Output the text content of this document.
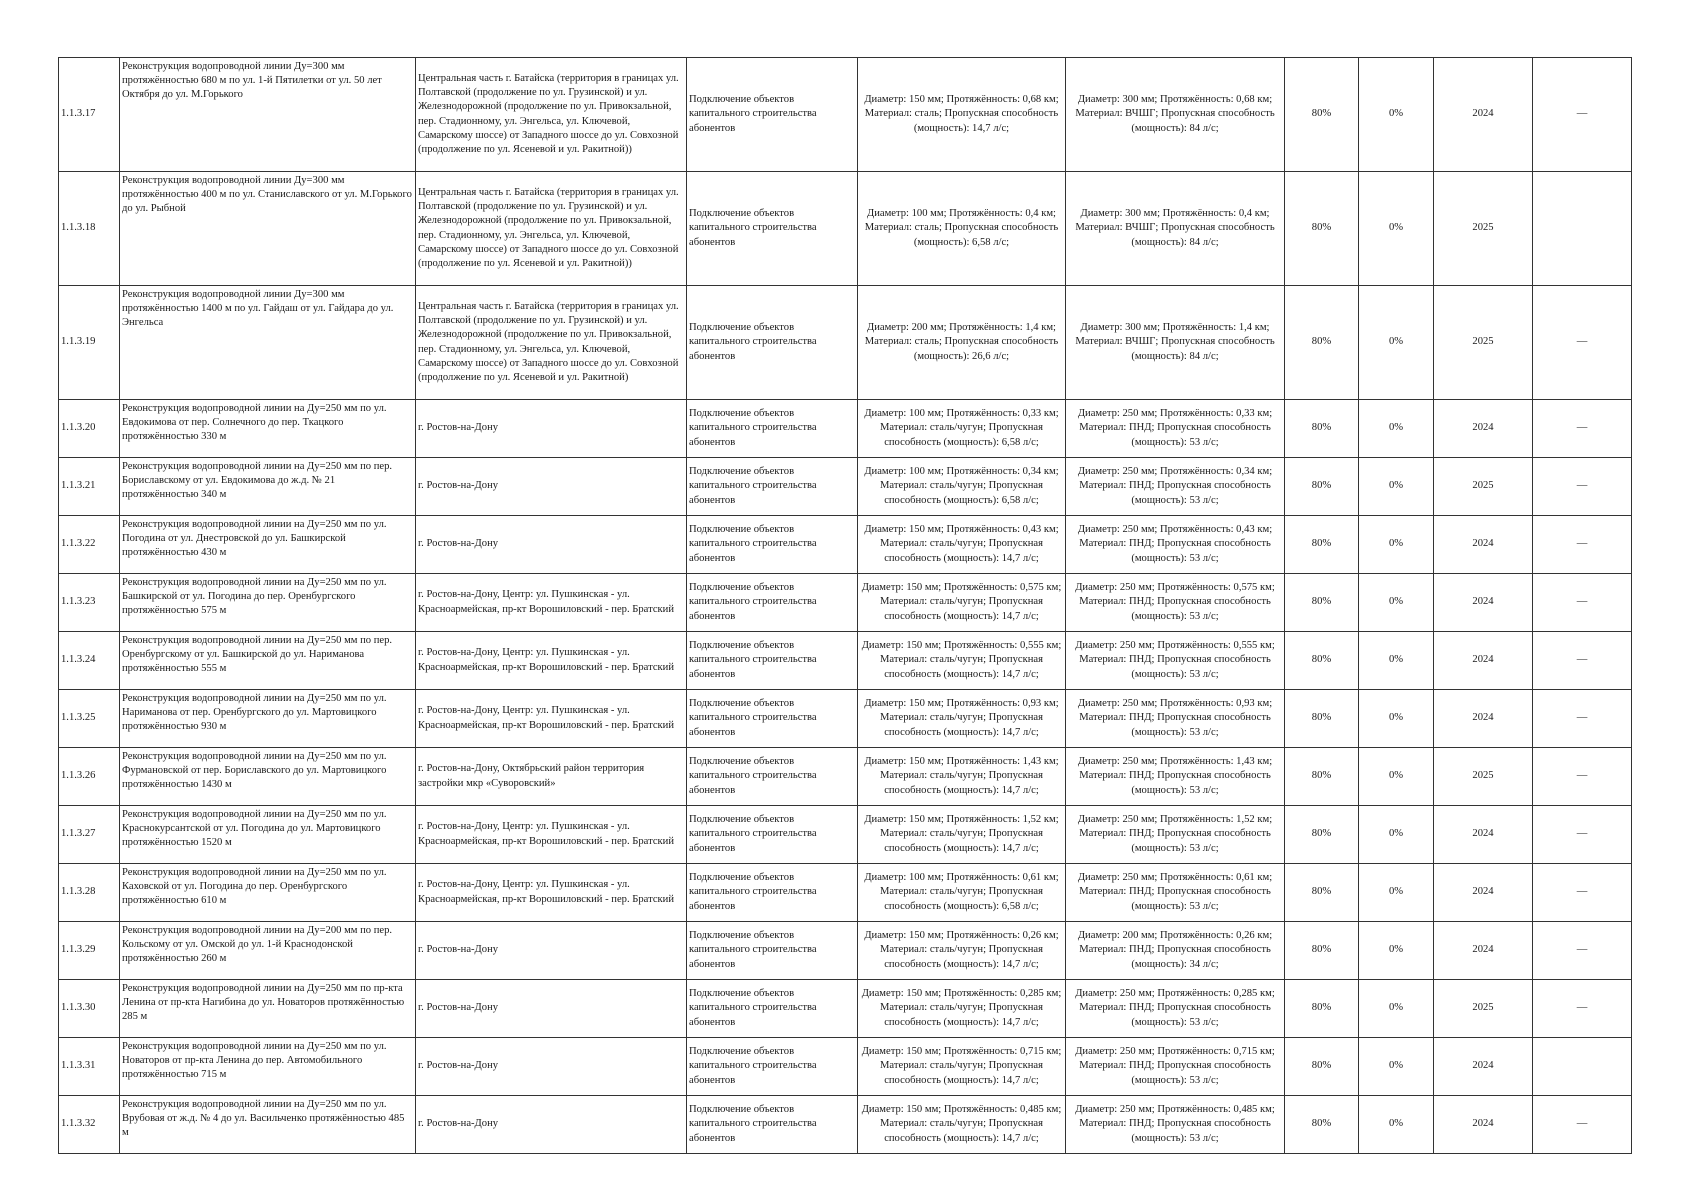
1.1.3.17	Реконструкция водопроводной линии Ду=300 мм протяжённостью 680 м по ул. 1-й Пятилетки от ул. 50 лет Октября до ул. М.Горького	Центральная часть г. Батайска (территория в границах ул. Полтавской (продолжение по ул. Грузинской) и ул. Железнодорожной (продолжение по ул. Привокзальной, пер. Стадионному, ул. Энгельса, ул. Ключевой, Самарскому шоссе) от Западного шоссе до ул. Совхозной (продолжение по ул. Ясеневой и ул. Ракитной))	Подключение объектов капитального строительства абонентов	Диаметр: 150 мм; Протяжённость: 0,68 км; Материал: сталь; Пропускная способность (мощность): 14,7 л/с;	Диаметр: 300 мм; Протяжённость: 0,68 км; Материал: ВЧШГ; Пропускная способность (мощность): 84 л/с;	80%	0%	2024	—
1.1.3.18	Реконструкция водопроводной линии Ду=300 мм протяжённостью 400 м по ул. Станиславского от ул. М.Горького до ул. Рыбной	Центральная часть г. Батайска (территория в границах ул. Полтавской (продолжение по ул. Грузинской) и ул. Железнодорожной (продолжение по ул. Привокзальной, пер. Стадионному, ул. Энгельса, ул. Ключевой, Самарскому шоссе) от Западного шоссе до ул. Совхозной (продолжение по ул. Ясеневой и ул. Ракитной))	Подключение объектов капитального строительства абонентов	Диаметр: 100 мм; Протяжённость: 0,4 км; Материал: сталь; Пропускная способность (мощность): 6,58 л/с;	Диаметр: 300 мм; Протяжённость: 0,4 км; Материал: ВЧШГ; Пропускная способность (мощность): 84 л/с;	80%	0%	2025	
1.1.3.19	Реконструкция водопроводной линии Ду=300 мм протяжённостью 1400 м по ул. Гайдаш от ул. Гайдара до ул. Энгельса	Центральная часть г. Батайска (территория в границах ул. Полтавской (продолжение по ул. Грузинской) и ул. Железнодорожной (продолжение по ул. Привокзальной, пер. Стадионному, ул. Энгельса, ул. Ключевой, Самарскому шоссе) от Западного шоссе до ул. Совхозной (продолжение по ул. Ясеневой и ул. Ракитной)	Подключение объектов капитального строительства абонентов	Диаметр: 200 мм; Протяжённость: 1,4 км; Материал: сталь; Пропускная способность (мощность): 26,6 л/с;	Диаметр: 300 мм; Протяжённость: 1,4 км; Материал: ВЧШГ; Пропускная способность (мощность): 84 л/с;	80%	0%	2025	—
1.1.3.20	Реконструкция водопроводной линии на Ду=250 мм по ул. Евдокимова от пер. Солнечного до пер. Ткацкого протяжённостью 330 м	г. Ростов-на-Дону	Подключение объектов капитального строительства абонентов	Диаметр: 100 мм; Протяжённость: 0,33 км; Материал: сталь/чугун; Пропускная способность (мощность): 6,58 л/с;	Диаметр: 250 мм; Протяжённость: 0,33 км; Материал: ПНД; Пропускная способность (мощность): 53 л/с;	80%	0%	2024	—
1.1.3.21	Реконструкция водопроводной линии на Ду=250 мм по пер. Бориславскому от ул. Евдокимова до ж.д. № 21 протяжённостью 340 м	г. Ростов-на-Дону	Подключение объектов капитального строительства абонентов	Диаметр: 100 мм; Протяжённость: 0,34 км; Материал: сталь/чугун; Пропускная способность (мощность): 6,58 л/с;	Диаметр: 250 мм; Протяжённость: 0,34 км; Материал: ПНД; Пропускная способность (мощность): 53 л/с;	80%	0%	2025	—
1.1.3.22	Реконструкция водопроводной линии на Ду=250 мм по ул. Погодина от ул. Днестровской до ул. Башкирской протяжённостью 430 м	г. Ростов-на-Дону	Подключение объектов капитального строительства абонентов	Диаметр: 150 мм; Протяжённость: 0,43 км; Материал: сталь/чугун; Пропускная способность (мощность): 14,7 л/с;	Диаметр: 250 мм; Протяжённость: 0,43 км; Материал: ПНД; Пропускная способность (мощность): 53 л/с;	80%	0%	2024	—
1.1.3.23	Реконструкция водопроводной линии на Ду=250 мм по ул. Башкирской от ул. Погодина до пер. Оренбургского протяжённостью 575 м	г. Ростов-на-Дону, Центр: ул. Пушкинская - ул. Красноармейская, пр-кт Ворошиловский - пер. Братский	Подключение объектов капитального строительства абонентов	Диаметр: 150 мм; Протяжённость: 0,575 км; Материал: сталь/чугун; Пропускная способность (мощность): 14,7 л/с;	Диаметр: 250 мм; Протяжённость: 0,575 км; Материал: ПНД; Пропускная способность (мощность): 53 л/с;	80%	0%	2024	—
1.1.3.24	Реконструкция водопроводной линии на Ду=250 мм по пер. Оренбургскому от ул. Башкирской до ул. Нариманова протяжённостью 555 м	г. Ростов-на-Дону, Центр: ул. Пушкинская - ул. Красноармейская, пр-кт Ворошиловский - пер. Братский	Подключение объектов капитального строительства абонентов	Диаметр: 150 мм; Протяжённость: 0,555 км; Материал: сталь/чугун; Пропускная способность (мощность): 14,7 л/с;	Диаметр: 250 мм; Протяжённость: 0,555 км; Материал: ПНД; Пропускная способность (мощность): 53 л/с;	80%	0%	2024	—
1.1.3.25	Реконструкция водопроводной линии на Ду=250 мм по ул. Нариманова от пер. Оренбургского до ул. Мартовицкого протяжённостью 930 м	г. Ростов-на-Дону, Центр: ул. Пушкинская - ул. Красноармейская, пр-кт Ворошиловский - пер. Братский	Подключение объектов капитального строительства абонентов	Диаметр: 150 мм; Протяжённость: 0,93 км; Материал: сталь/чугун; Пропускная способность (мощность): 14,7 л/с;	Диаметр: 250 мм; Протяжённость: 0,93 км; Материал: ПНД; Пропускная способность (мощность): 53 л/с;	80%	0%	2024	—
1.1.3.26	Реконструкция водопроводной линии на Ду=250 мм по ул. Фурмановской от пер. Бориславского до ул. Мартовицкого протяжённостью 1430 м	г. Ростов-на-Дону, Октябрьский район территория застройки мкр «Суворовский»	Подключение объектов капитального строительства абонентов	Диаметр: 150 мм; Протяжённость: 1,43 км; Материал: сталь/чугун; Пропускная способность (мощность): 14,7 л/с;	Диаметр: 250 мм; Протяжённость: 1,43 км; Материал: ПНД; Пропускная способность (мощность): 53 л/с;	80%	0%	2025	—
1.1.3.27	Реконструкция водопроводной линии на Ду=250 мм по ул. Краснокурсантской от ул. Погодина до ул. Мартовицкого протяжённостью 1520 м	г. Ростов-на-Дону, Центр: ул. Пушкинская - ул. Красноармейская, пр-кт Ворошиловский - пер. Братский	Подключение объектов капитального строительства абонентов	Диаметр: 150 мм; Протяжённость: 1,52 км; Материал: сталь/чугун; Пропускная способность (мощность): 14,7 л/с;	Диаметр: 250 мм; Протяжённость: 1,52 км; Материал: ПНД; Пропускная способность (мощность): 53 л/с;	80%	0%	2024	—
1.1.3.28	Реконструкция водопроводной линии на Ду=250 мм по ул. Каховской от ул. Погодина до пер. Оренбургского протяжённостью 610 м	г. Ростов-на-Дону, Центр: ул. Пушкинская - ул. Красноармейская, пр-кт Ворошиловский - пер. Братский	Подключение объектов капитального строительства абонентов	Диаметр: 100 мм; Протяжённость: 0,61 км; Материал: сталь/чугун; Пропускная способность (мощность): 6,58 л/с;	Диаметр: 250 мм; Протяжённость: 0,61 км; Материал: ПНД; Пропускная способность (мощность): 53 л/с;	80%	0%	2024	—
1.1.3.29	Реконструкция водопроводной линии на Ду=200 мм по пер. Кольскому от ул. Омской до ул. 1-й Краснодонской протяжённостью 260 м	г. Ростов-на-Дону	Подключение объектов капитального строительства абонентов	Диаметр: 150 мм; Протяжённость: 0,26 км; Материал: сталь/чугун; Пропускная способность (мощность): 14,7 л/с;	Диаметр: 200 мм; Протяжённость: 0,26 км; Материал: ПНД; Пропускная способность (мощность): 34 л/с;	80%	0%	2024	—
1.1.3.30	Реконструкция водопроводной линии на Ду=250 мм по пр-кта Ленина от пр-кта Нагибина до ул. Новаторов протяжённостью 285 м	г. Ростов-на-Дону	Подключение объектов капитального строительства абонентов	Диаметр: 150 мм; Протяжённость: 0,285 км; Материал: сталь/чугун; Пропускная способность (мощность): 14,7 л/с;	Диаметр: 250 мм; Протяжённость: 0,285 км; Материал: ПНД; Пропускная способность (мощность): 53 л/с;	80%	0%	2025	—
1.1.3.31	Реконструкция водопроводной линии на Ду=250 мм по ул. Новаторов от пр-кта Ленина до пер. Автомобильного протяжённостью 715 м	г. Ростов-на-Дону	Подключение объектов капитального строительства абонентов	Диаметр: 150 мм; Протяжённость: 0,715 км; Материал: сталь/чугун; Пропускная способность (мощность): 14,7 л/с;	Диаметр: 250 мм; Протяжённость: 0,715 км; Материал: ПНД; Пропускная способность (мощность): 53 л/с;	80%	0%	2024	
1.1.3.32	Реконструкция водопроводной линии на Ду=250 мм по ул. Врубовая от ж.д. № 4 до ул. Васильченко протяжённостью 485 м	г. Ростов-на-Дону	Подключение объектов капитального строительства абонентов	Диаметр: 150 мм; Протяжённость: 0,485 км; Материал: сталь/чугун; Пропускная способность (мощность): 14,7 л/с;	Диаметр: 250 мм; Протяжённость: 0,485 км; Материал: ПНД; Пропускная способность (мощность): 53 л/с;	80%	0%	2024	—
